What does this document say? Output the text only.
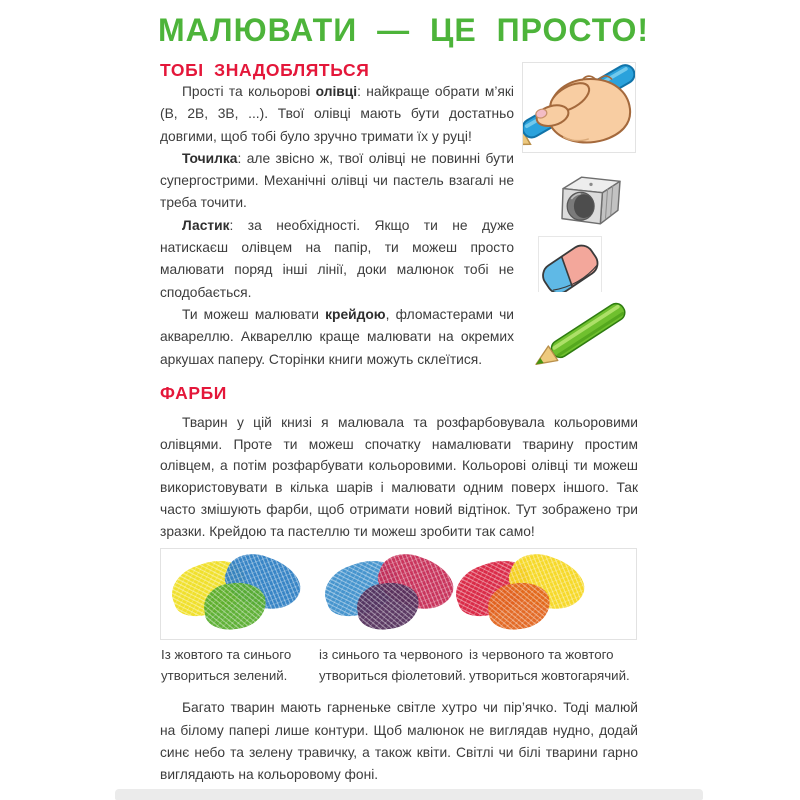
МАЛЮВАТИ — ЦЕ ПРОСТО!
ТОБІ ЗНАДОБЛЯТЬСЯ

Прості та кольорові олівці: найкраще обрати м’які (В, 2В, 3В, ...). Твої олівці мають бути достатньо довгими, щоб тобі було зручно тримати їх у руці!

Точилка: але звісно ж, твої олівці не повинні бути супергострими. Механічні олівці чи пастель взагалі не треба точити.

Ластик: за необхідності. Якщо ти не дуже натискаєш олівцем на папір, ти можеш просто малювати поряд інші лінії, доки малюнок тобі не сподобається.

Ти можеш малювати крейдою, фломастерами чи аквареллю. Аквареллю краще малювати на окремих аркушах паперу. Сторінки книги можуть склеїтися.

ФАРБИ

Тварин у цій книзі я малювала та розфарбовувала кольоровими олівцями. Проте ти можеш спочатку намалювати тварину простим олівцем, а потім розфарбувати кольоровими. Кольорові олівці ти можеш використовувати в кілька шарів і малювати одним поверх іншого. Так часто змішують фарби, щоб отримати новий відтінок. Тут зображено три зразки. Крейдою та пастеллю ти можеш зробити так само!

Із жовтого та синього утвориться зелений.
із синього та червоного утвориться фіолетовий.
із червоного та жовтого утвориться жовтогарячий.

Багато тварин мають гарненьке світле хутро чи пір’ячко. Тоді малюй на білому папері лише контури. Щоб малюнок не виглядав нудно, додай синє небо та зелену травичку, а також квіти. Світлі чи білі тварини гарно виглядають на кольоровому фоні.
